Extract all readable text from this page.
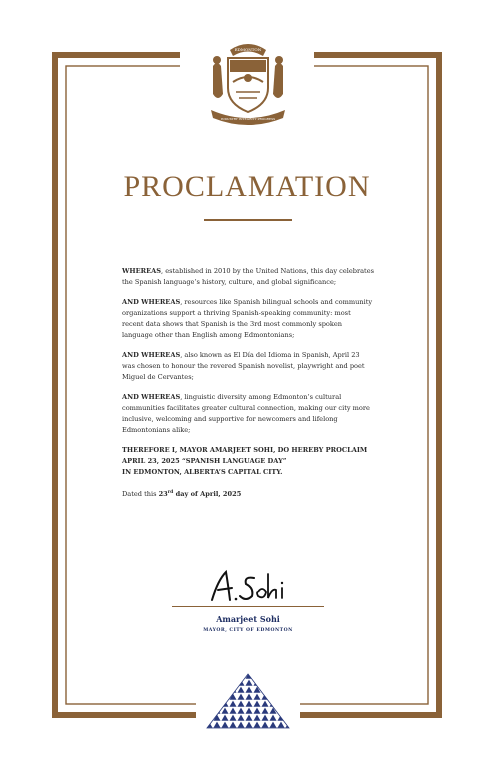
EDMONTON
INDUSTRY INTEGRITY PROGRESS
PROCLAMATION

WHEREAS, established in 2010 by the United Nations, this day celebrates the Spanish language’s history, culture, and global significance;

AND WHEREAS, resources like Spanish bilingual schools and community organizations support a thriving Spanish-speaking community: most recent data shows that Spanish is the 3rd most commonly spoken language other than English among Edmontonians;

AND WHEREAS, also known as El Día del Idioma in Spanish, April 23 was chosen to honour the revered Spanish novelist, playwright and poet Miguel de Cervantes;

AND WHEREAS, linguistic diversity among Edmonton’s cultural communities facilitates greater cultural connection, making our city more inclusive, welcoming and supportive for newcomers and lifelong Edmontonians alike;

THEREFORE I, MAYOR AMARJEET SOHI, DO HEREBY PROCLAIM
APRIL 23, 2025 “SPANISH LANGUAGE DAY”
IN EDMONTON, ALBERTA’S CAPITAL CITY.

Dated this 23rd day of April, 2025

Amarjeet Sohi
MAYOR, CITY OF EDMONTON
